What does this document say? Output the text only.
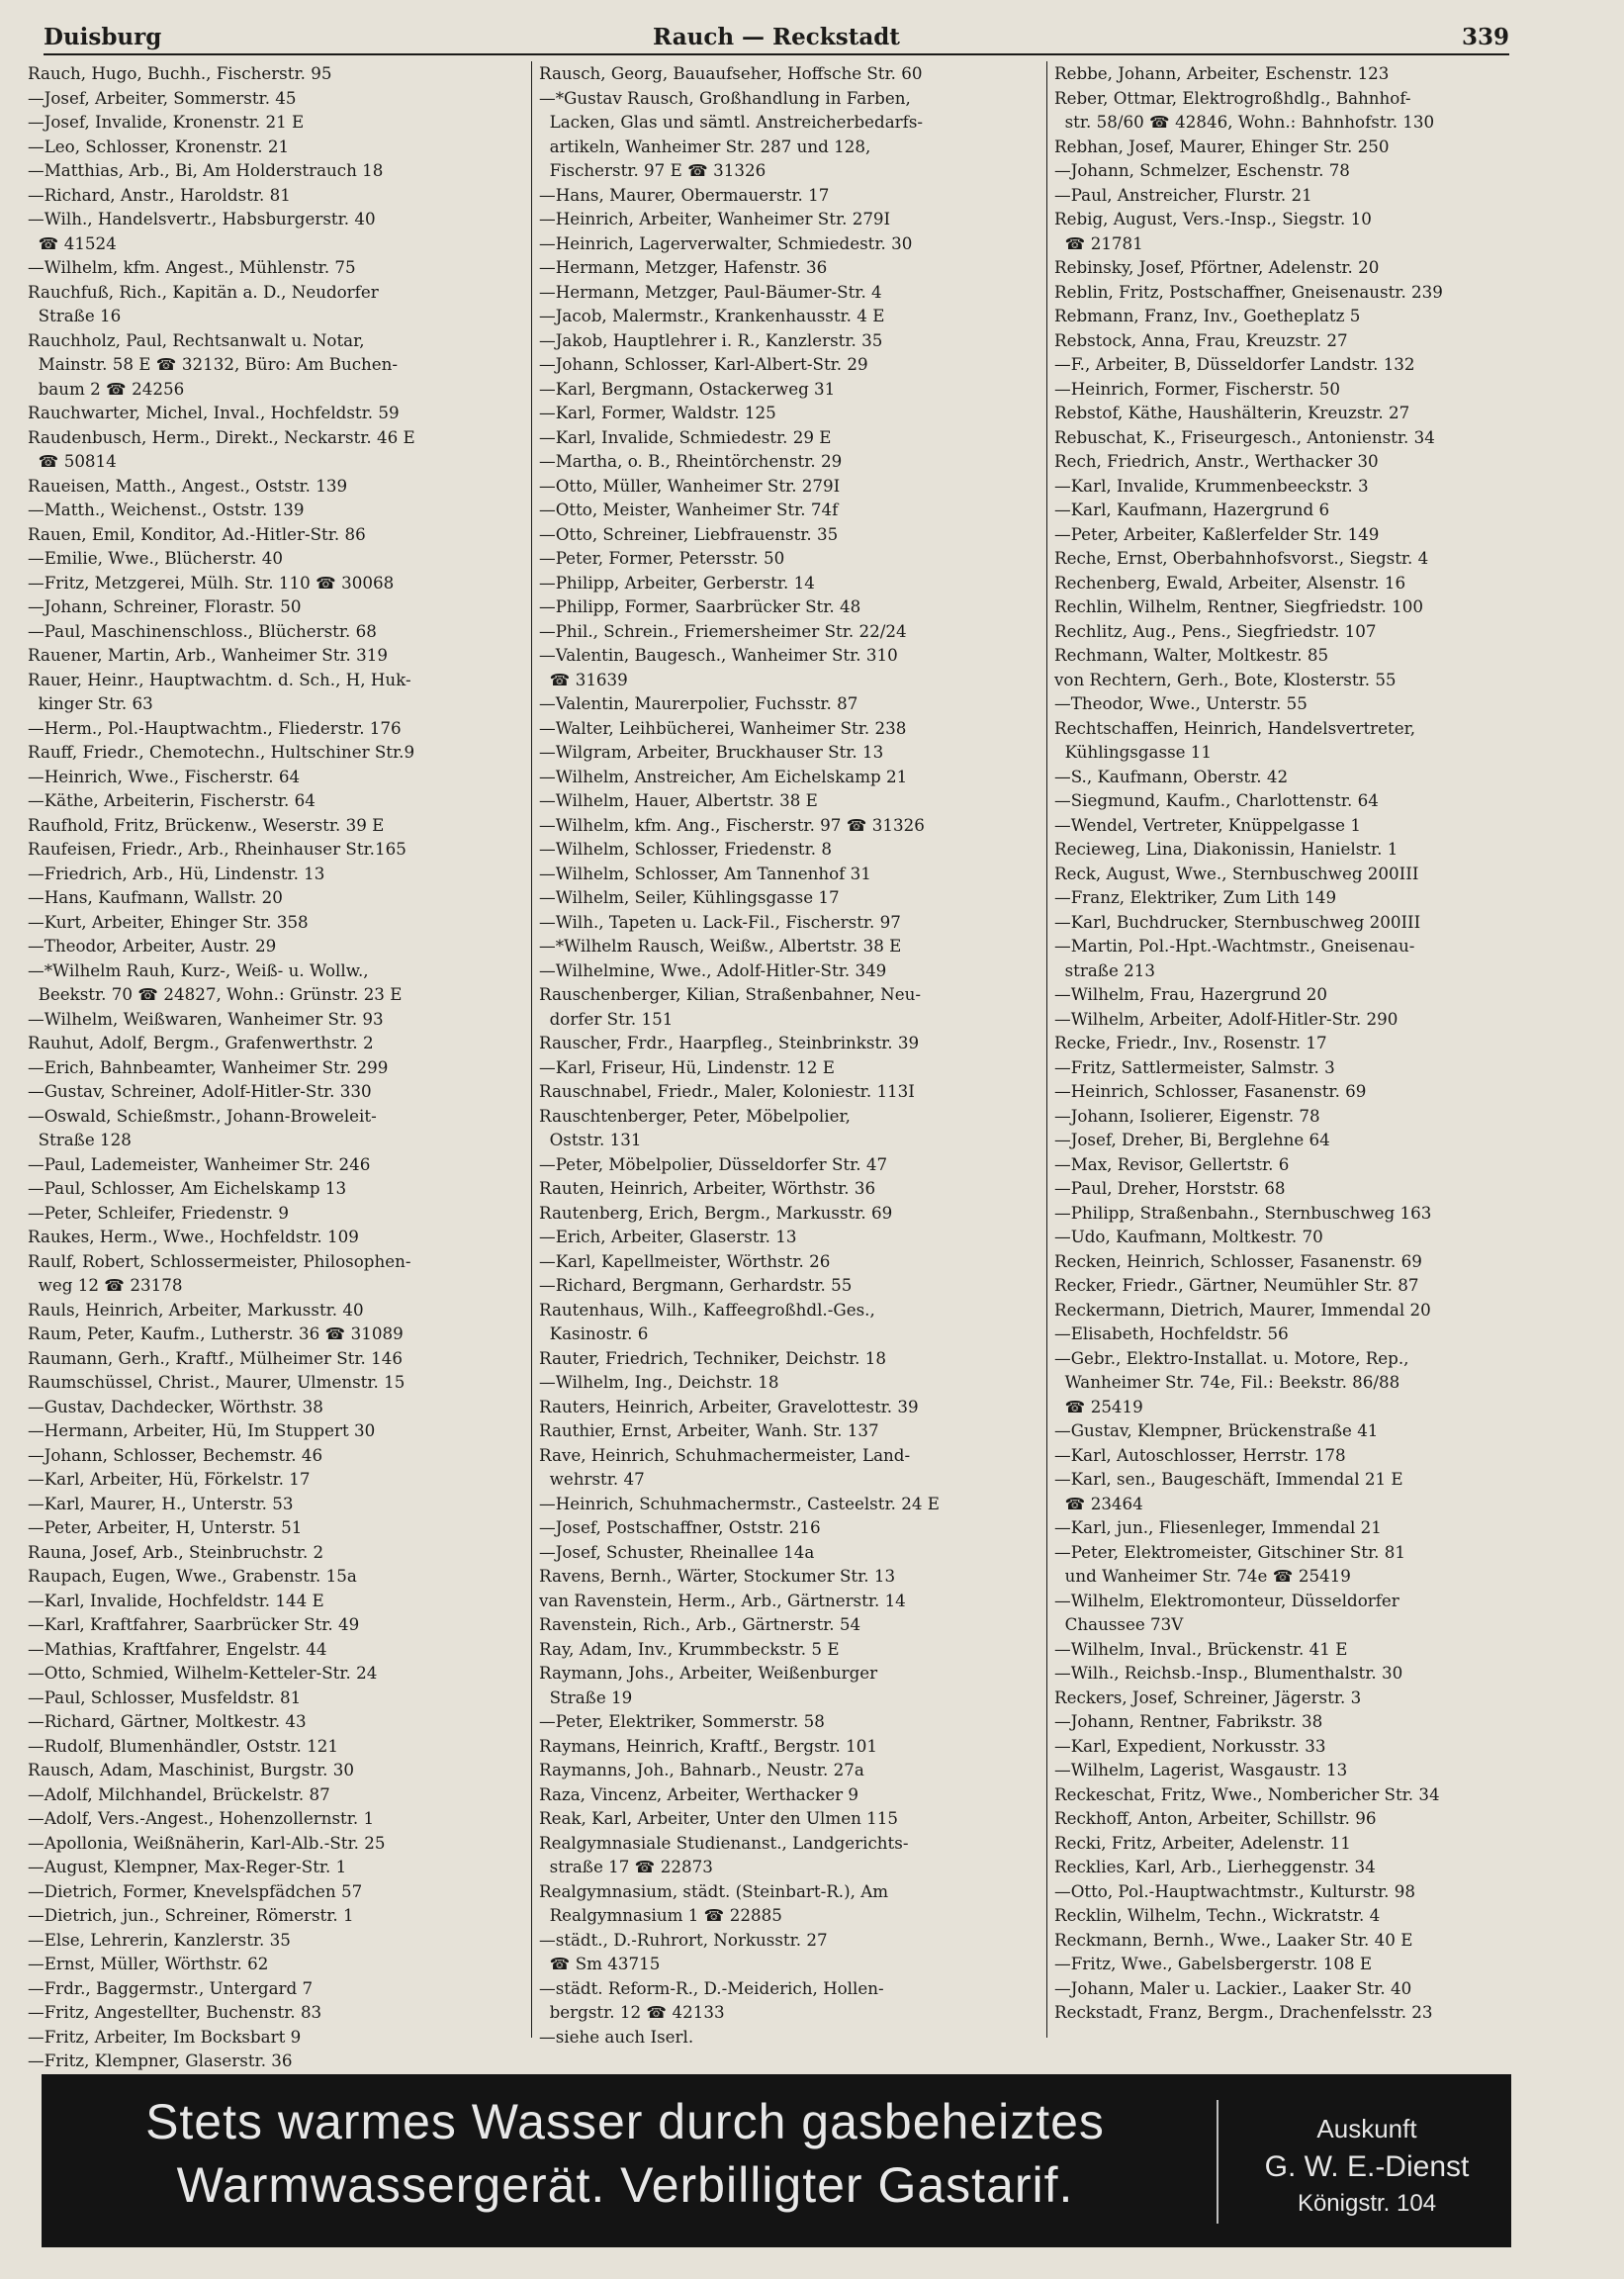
Rauch — Reckstadt
Duisburg	339
Rauch, Hugo, Buchh., Fischerstr. 95
—Josef, Arbeiter, Sommerstr. 45
—Josef, Invalide, Kronenstr. 21 E
—Leo, Schlosser, Kronenstr. 21
—Matthias, Arb., Bi, Am Holderstrauch 18
—Richard, Anstr., Haroldstr. 81
—Wilh., Handelsvertr., Habsburgerstr. 40
☎ 41524
—Wilhelm, kfm. Angest., Mühlenstr. 75
Rauchfuß, Rich., Kapitän a. D., Neudorfer
Straße 16
Rauchholz, Paul, Rechtsanwalt u. Notar,
Mainstr. 58 E ☎ 32132, Büro: Am Buchen-
baum 2 ☎ 24256
Rauchwarter, Michel, Inval., Hochfeldstr. 59
Raudenbusch, Herm., Direkt., Neckarstr. 46 E
☎ 50814
Raueisen, Matth., Angest., Oststr. 139
—Matth., Weichenst., Oststr. 139
Rauen, Emil, Konditor, Ad.-Hitler-Str. 86
—Emilie, Wwe., Blücherstr. 40
—Fritz, Metzgerei, Mülh. Str. 110 ☎ 30068
—Johann, Schreiner, Florastr. 50
—Paul, Maschinenschloss., Blücherstr. 68
Rauener, Martin, Arb., Wanheimer Str. 319
Rauer, Heinr., Hauptwachtm. d. Sch., H, Huk-
kinger Str. 63
—Herm., Pol.-Hauptwachtm., Fliederstr. 176
Rauff, Friedr., Chemotechn., Hultschiner Str.9
—Heinrich, Wwe., Fischerstr. 64
—Käthe, Arbeiterin, Fischerstr. 64
Raufhold, Fritz, Brückenw., Weserstr. 39 E
Raufeisen, Friedr., Arb., Rheinhauser Str.165
—Friedrich, Arb., Hü, Lindenstr. 13
—Hans, Kaufmann, Wallstr. 20
—Kurt, Arbeiter, Ehinger Str. 358
—Theodor, Arbeiter, Austr. 29
—*Wilhelm Rauh, Kurz-, Weiß- u. Wollw.,
Beekstr. 70 ☎ 24827, Wohn.: Grünstr. 23 E
—Wilhelm, Weißwaren, Wanheimer Str. 93
Rauhut, Adolf, Bergm., Grafenwerthstr. 2
—Erich, Bahnbeamter, Wanheimer Str. 299
—Gustav, Schreiner, Adolf-Hitler-Str. 330
—Oswald, Schießmstr., Johann-Broweleit-
Straße 128
—Paul, Lademeister, Wanheimer Str. 246
—Paul, Schlosser, Am Eichelskamp 13
—Peter, Schleifer, Friedenstr. 9
Raukes, Herm., Wwe., Hochfeldstr. 109
Raulf, Robert, Schlossermeister, Philosophen-
weg 12 ☎ 23178
Rauls, Heinrich, Arbeiter, Markusstr. 40
Raum, Peter, Kaufm., Lutherstr. 36 ☎ 31089
Raumann, Gerh., Kraftf., Mülheimer Str. 146
Raumschüssel, Christ., Maurer, Ulmenstr. 15
—Gustav, Dachdecker, Wörthstr. 38
—Hermann, Arbeiter, Hü, Im Stuppert 30
—Johann, Schlosser, Bechemstr. 46
—Karl, Arbeiter, Hü, Förkelstr. 17
—Karl, Maurer, H., Unterstr. 53
—Peter, Arbeiter, H, Unterstr. 51
Rauna, Josef, Arb., Steinbruchstr. 2
Raupach, Eugen, Wwe., Grabenstr. 15a
—Karl, Invalide, Hochfeldstr. 144 E
—Karl, Kraftfahrer, Saarbrücker Str. 49
—Mathias, Kraftfahrer, Engelstr. 44
—Otto, Schmied, Wilhelm-Ketteler-Str. 24
—Paul, Schlosser, Musfeldstr. 81
—Richard, Gärtner, Moltkestr. 43
—Rudolf, Blumenhändler, Oststr. 121
Rausch, Adam, Maschinist, Burgstr. 30
—Adolf, Milchhandel, Brückelstr. 87
—Adolf, Vers.-Angest., Hohenzollernstr. 1
—Apollonia, Weißnäherin, Karl-Alb.-Str. 25
—August, Klempner, Max-Reger-Str. 1
—Dietrich, Former, Knevelspfädchen 57
—Dietrich, jun., Schreiner, Römerstr. 1
—Else, Lehrerin, Kanzlerstr. 35
—Ernst, Müller, Wörthstr. 62
—Frdr., Baggermstr., Untergard 7
—Fritz, Angestellter, Buchenstr. 83
—Fritz, Arbeiter, Im Bocksbart 9
—Fritz, Klempner, Glaserstr. 36
Rausch, Georg, Bauaufseher, Hoffsche Str. 60
—*Gustav Rausch, Großhandlung in Farben,
Lacken, Glas und sämtl. Anstreicherbedarfs-
artikeln, Wanheimer Str. 287 und 128,
Fischerstr. 97 E ☎ 31326
—Hans, Maurer, Obermauerstr. 17
—Heinrich, Arbeiter, Wanheimer Str. 279I
—Heinrich, Lagerverwalter, Schmiedestr. 30
—Hermann, Metzger, Hafenstr. 36
—Hermann, Metzger, Paul-Bäumer-Str. 4
—Jacob, Malermstr., Krankenhausstr. 4 E
—Jakob, Hauptlehrer i. R., Kanzlerstr. 35
—Johann, Schlosser, Karl-Albert-Str. 29
—Karl, Bergmann, Ostackerweg 31
—Karl, Former, Waldstr. 125
—Karl, Invalide, Schmiedestr. 29 E
—Martha, o. B., Rheintörchenstr. 29
—Otto, Müller, Wanheimer Str. 279I
—Otto, Meister, Wanheimer Str. 74f
—Otto, Schreiner, Liebfrauenstr. 35
—Peter, Former, Petersstr. 50
—Philipp, Arbeiter, Gerberstr. 14
—Philipp, Former, Saarbrücker Str. 48
—Phil., Schrein., Friemersheimer Str. 22/24
—Valentin, Baugesch., Wanheimer Str. 310
☎ 31639
—Valentin, Maurerpolier, Fuchsstr. 87
—Walter, Leihbücherei, Wanheimer Str. 238
—Wilgram, Arbeiter, Bruckhauser Str. 13
—Wilhelm, Anstreicher, Am Eichelskamp 21
—Wilhelm, Hauer, Albertstr. 38 E
—Wilhelm, kfm. Ang., Fischerstr. 97 ☎ 31326
—Wilhelm, Schlosser, Friedenstr. 8
—Wilhelm, Schlosser, Am Tannenhof 31
—Wilhelm, Seiler, Kühlingsgasse 17
—Wilh., Tapeten u. Lack-Fil., Fischerstr. 97
—*Wilhelm Rausch, Weißw., Albertstr. 38 E
—Wilhelmine, Wwe., Adolf-Hitler-Str. 349
Rauschenberger, Kilian, Straßenbahner, Neu-
dorfer Str. 151
Rauscher, Frdr., Haarpfleg., Steinbrinkstr. 39
—Karl, Friseur, Hü, Lindenstr. 12 E
Rauschnabel, Friedr., Maler, Koloniestr. 113I
Rauschtenberger, Peter, Möbelpolier,
Oststr. 131
—Peter, Möbelpolier, Düsseldorfer Str. 47
Rauten, Heinrich, Arbeiter, Wörthstr. 36
Rautenberg, Erich, Bergm., Markusstr. 69
—Erich, Arbeiter, Glaserstr. 13
—Karl, Kapellmeister, Wörthstr. 26
—Richard, Bergmann, Gerhardstr. 55
Rautenhaus, Wilh., Kaffeegroßhdl.-Ges.,
Kasinostr. 6
Rauter, Friedrich, Techniker, Deichstr. 18
—Wilhelm, Ing., Deichstr. 18
Rauters, Heinrich, Arbeiter, Gravelottestr. 39
Rauthier, Ernst, Arbeiter, Wanh. Str. 137
Rave, Heinrich, Schuhmachermeister, Land-
wehrstr. 47
—Heinrich, Schuhmachermstr., Casteelstr. 24 E
—Josef, Postschaffner, Oststr. 216
—Josef, Schuster, Rheinallee 14a
Ravens, Bernh., Wärter, Stockumer Str. 13
van Ravenstein, Herm., Arb., Gärtnerstr. 14
Ravenstein, Rich., Arb., Gärtnerstr. 54
Ray, Adam, Inv., Krummbeckstr. 5 E
Raymann, Johs., Arbeiter, Weißenburger
Straße 19
—Peter, Elektriker, Sommerstr. 58
Raymans, Heinrich, Kraftf., Bergstr. 101
Raymanns, Joh., Bahnarb., Neustr. 27a
Raza, Vincenz, Arbeiter, Werthacker 9
Reak, Karl, Arbeiter, Unter den Ulmen 115
Realgymnasiale Studienanst., Landgerichts-
straße 17 ☎ 22873
Realgymnasium, städt. (Steinbart-R.), Am
Realgymnasium 1 ☎ 22885
—städt., D.-Ruhrort, Norkusstr. 27
☎ Sm 43715
—städt. Reform-R., D.-Meiderich, Hollen-
bergstr. 12 ☎ 42133
—siehe auch Iserl.
Rebbe, Johann, Arbeiter, Eschenstr. 123
Reber, Ottmar, Elektrogroßhdlg., Bahnhof-
str. 58/60 ☎ 42846, Wohn.: Bahnhofstr. 130
Rebhan, Josef, Maurer, Ehinger Str. 250
—Johann, Schmelzer, Eschenstr. 78
—Paul, Anstreicher, Flurstr. 21
Rebig, August, Vers.-Insp., Siegstr. 10
☎ 21781
Rebinsky, Josef, Pförtner, Adelenstr. 20
Reblin, Fritz, Postschaffner, Gneisenaustr. 239
Rebmann, Franz, Inv., Goetheplatz 5
Rebstock, Anna, Frau, Kreuzstr. 27
—F., Arbeiter, B, Düsseldorfer Landstr. 132
—Heinrich, Former, Fischerstr. 50
Rebstof, Käthe, Haushälterin, Kreuzstr. 27
Rebuschat, K., Friseurgesch., Antonienstr. 34
Rech, Friedrich, Anstr., Werthacker 30
—Karl, Invalide, Krummenbeeckstr. 3
—Karl, Kaufmann, Hazergrund 6
—Peter, Arbeiter, Kaßlerfelder Str. 149
Reche, Ernst, Oberbahnhofsvorst., Siegstr. 4
Rechenberg, Ewald, Arbeiter, Alsenstr. 16
Rechlin, Wilhelm, Rentner, Siegfriedstr. 100
Rechlitz, Aug., Pens., Siegfriedstr. 107
Rechmann, Walter, Moltkestr. 85
von Rechtern, Gerh., Bote, Klosterstr. 55
—Theodor, Wwe., Unterstr. 55
Rechtschaffen, Heinrich, Handelsvertreter,
Kühlingsgasse 11
—S., Kaufmann, Oberstr. 42
—Siegmund, Kaufm., Charlottenstr. 64
—Wendel, Vertreter, Knüppelgasse 1
Recieweg, Lina, Diakonissin, Hanielstr. 1
Reck, August, Wwe., Sternbuschweg 200III
—Franz, Elektriker, Zum Lith 149
—Karl, Buchdrucker, Sternbuschweg 200III
—Martin, Pol.-Hpt.-Wachtmstr., Gneisenau-
straße 213
—Wilhelm, Frau, Hazergrund 20
—Wilhelm, Arbeiter, Adolf-Hitler-Str. 290
Recke, Friedr., Inv., Rosenstr. 17
—Fritz, Sattlermeister, Salmstr. 3
—Heinrich, Schlosser, Fasanenstr. 69
—Johann, Isolierer, Eigenstr. 78
—Josef, Dreher, Bi, Berglehne 64
—Max, Revisor, Gellertstr. 6
—Paul, Dreher, Horststr. 68
—Philipp, Straßenbahn., Sternbuschweg 163
—Udo, Kaufmann, Moltkestr. 70
Recken, Heinrich, Schlosser, Fasanenstr. 69
Recker, Friedr., Gärtner, Neumühler Str. 87
Reckermann, Dietrich, Maurer, Immendal 20
—Elisabeth, Hochfeldstr. 56
—Gebr., Elektro-Installat. u. Motore, Rep.,
Wanheimer Str. 74e, Fil.: Beekstr. 86/88
☎ 25419
—Gustav, Klempner, Brückenstraße 41
—Karl, Autoschlosser, Herrstr. 178
—Karl, sen., Baugeschäft, Immendal 21 E
☎ 23464
—Karl, jun., Fliesenleger, Immendal 21
—Peter, Elektromeister, Gitschiner Str. 81
und Wanheimer Str. 74e ☎ 25419
—Wilhelm, Elektromonteur, Düsseldorfer
Chaussee 73V
—Wilhelm, Inval., Brückenstr. 41 E
—Wilh., Reichsb.-Insp., Blumenthalstr. 30
Reckers, Josef, Schreiner, Jägerstr. 3
—Johann, Rentner, Fabrikstr. 38
—Karl, Expedient, Norkusstr. 33
—Wilhelm, Lagerist, Wasgaustr. 13
Reckeschat, Fritz, Wwe., Nombericher Str. 34
Reckhoff, Anton, Arbeiter, Schillstr. 96
Recki, Fritz, Arbeiter, Adelenstr. 11
Recklies, Karl, Arb., Lierheggenstr. 34
—Otto, Pol.-Hauptwachtmstr., Kulturstr. 98
Recklin, Wilhelm, Techn., Wickratstr. 4
Reckmann, Bernh., Wwe., Laaker Str. 40 E
—Fritz, Wwe., Gabelsbergerstr. 108 E
—Johann, Maler u. Lackier., Laaker Str. 40
Reckstadt, Franz, Bergm., Drachenfelsstr. 23
Stets warmes Wasser durch gasbeheiztes
Warmwassergerät. Verbilligter Gastarif.
Auskunft
G. W. E.-Dienst
Königstr. 104
